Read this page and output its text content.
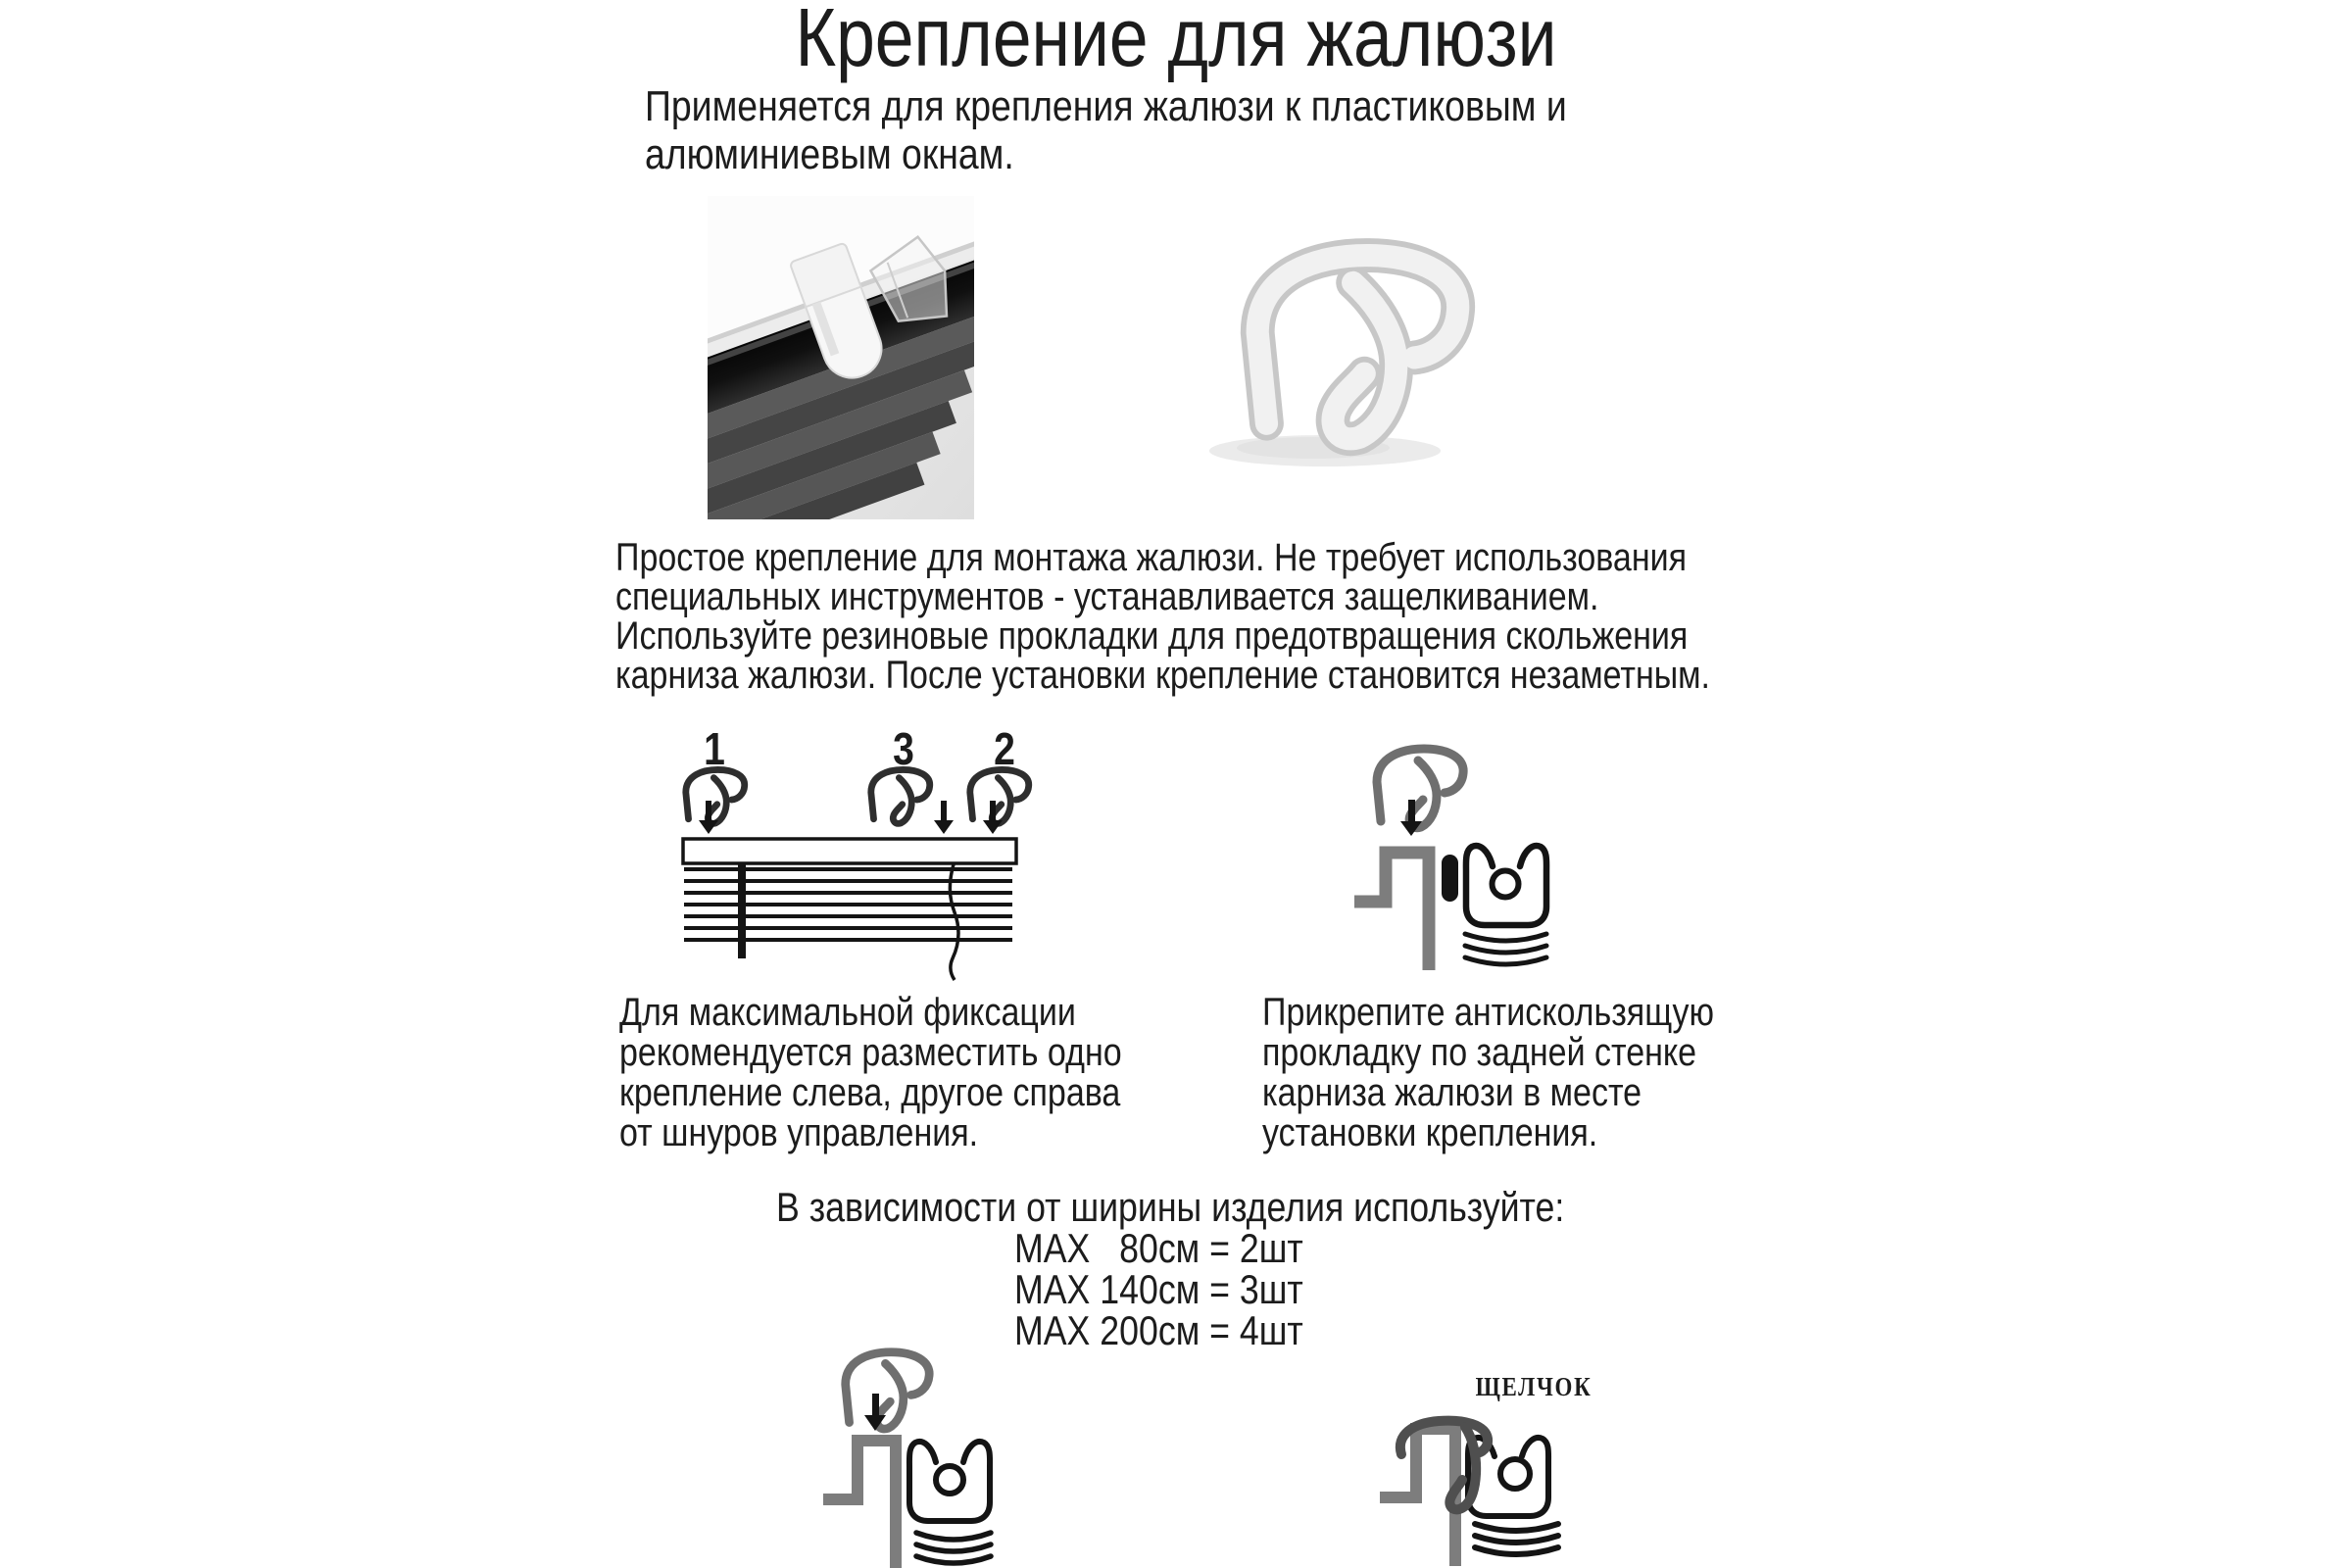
Крепление для жалюзи
Применяется для крепления жалюзи к пластиковым и
алюминиевым окнам.
Простое крепление для монтажа жалюзи. Не требует использования
специальных инструментов - устанавливается защелкиванием.
Используйте резиновые прокладки для предотвращения скольжения
карниза жалюзи. После установки крепление становится незаметным.
1	3	2
Для максимальной фиксации
рекомендуется разместить одно
крепление слева, другое справа
от шнуров управления.
Прикрепите антискользящую
прокладку по задней стенке
карниза жалюзи в месте
установки крепления.
В зависимости от ширины изделия используйте:
MAX   80см = 2шт
MAX 140см = 3шт
MAX 200см = 4шт
ЩЕЛЧОК
